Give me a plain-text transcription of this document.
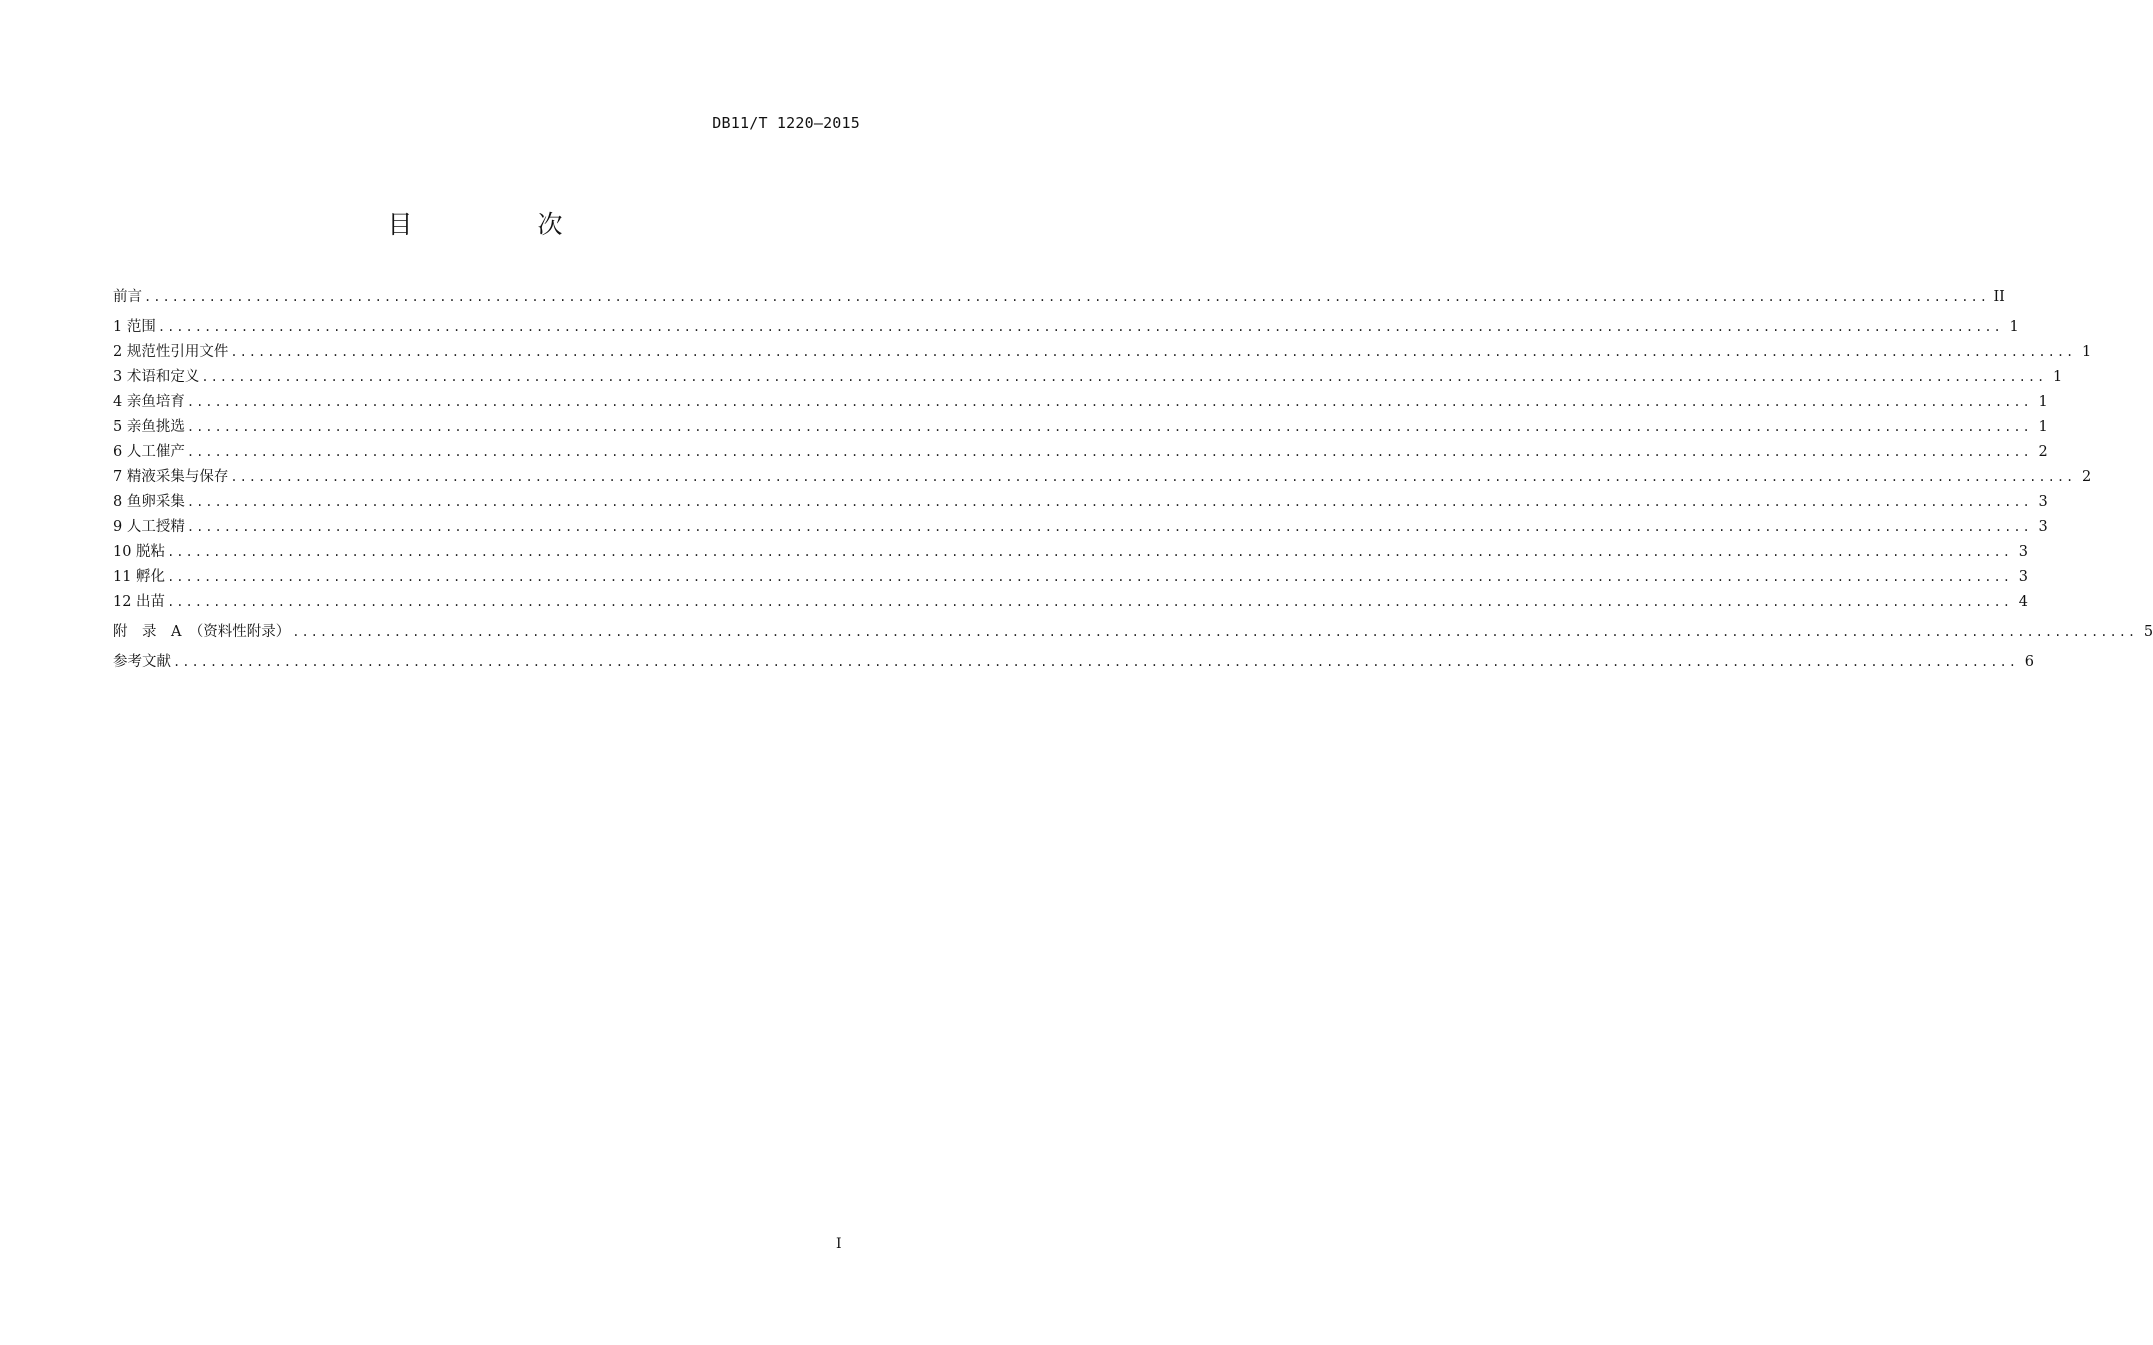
DB11/T 1220—2015
目　次
前言 ........................................................................................................................................................................................................ II
1 范围 ........................................................................................................................................................................................................ 1
2 规范性引用文件 ........................................................................................................................................................................................................ 1
3 术语和定义 ........................................................................................................................................................................................................ 1
4 亲鱼培育 ........................................................................................................................................................................................................ 1
5 亲鱼挑选 ........................................................................................................................................................................................................ 1
6 人工催产 ........................................................................................................................................................................................................ 2
7 精液采集与保存 ........................................................................................................................................................................................................ 2
8 鱼卵采集 ........................................................................................................................................................................................................ 3
9 人工授精 ........................................................................................................................................................................................................ 3
10 脱粘 ........................................................................................................................................................................................................ 3
11 孵化 ........................................................................................................................................................................................................ 3
12 出苗 ........................................................................................................................................................................................................ 4
附　录　A　（资料性附录） ........................................................................................................................................................................................................ 5
参考文献 ........................................................................................................................................................................................................ 6
I
